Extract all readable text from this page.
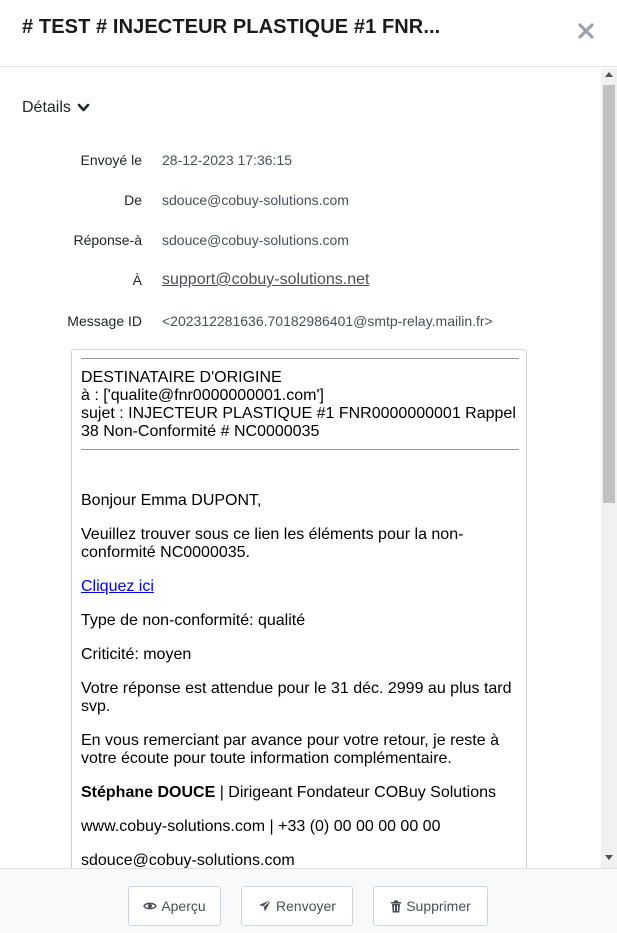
# TEST # INJECTEUR PLASTIQUE #1 FNR...
Détails
Envoyé le 28-12-2023 17:36:15
De sdouce@cobuy-solutions.com
Réponse-à sdouce@cobuy-solutions.com
À support@cobuy-solutions.net
Message ID <202312281636.70182986401@smtp-relay.mailin.fr>

DESTINATAIRE D'ORIGINE

à : ['qualite@fnr0000000001.com']

sujet : INJECTEUR PLASTIQUE #1 FNR0000000001 Rappel 38 Non-Conformité # NC0000035

Bonjour Emma DUPONT,

Veuillez trouver sous ce lien les éléments pour la non-conformité NC0000035.

Cliquez ici

Type de non-conformité: qualité

Criticité: moyen

Votre réponse est attendue pour le 31 déc. 2999 au plus tard svp.

En vous remerciant par avance pour votre retour, je reste à votre écoute pour toute information complémentaire.

Stéphane DOUCE | Dirigeant Fondateur COBuy Solutions

www.cobuy-solutions.com | +33 (0) 00 00 00 00 00

sdouce@cobuy-solutions.com

Aperçu	Renvoyer	Supprimer
